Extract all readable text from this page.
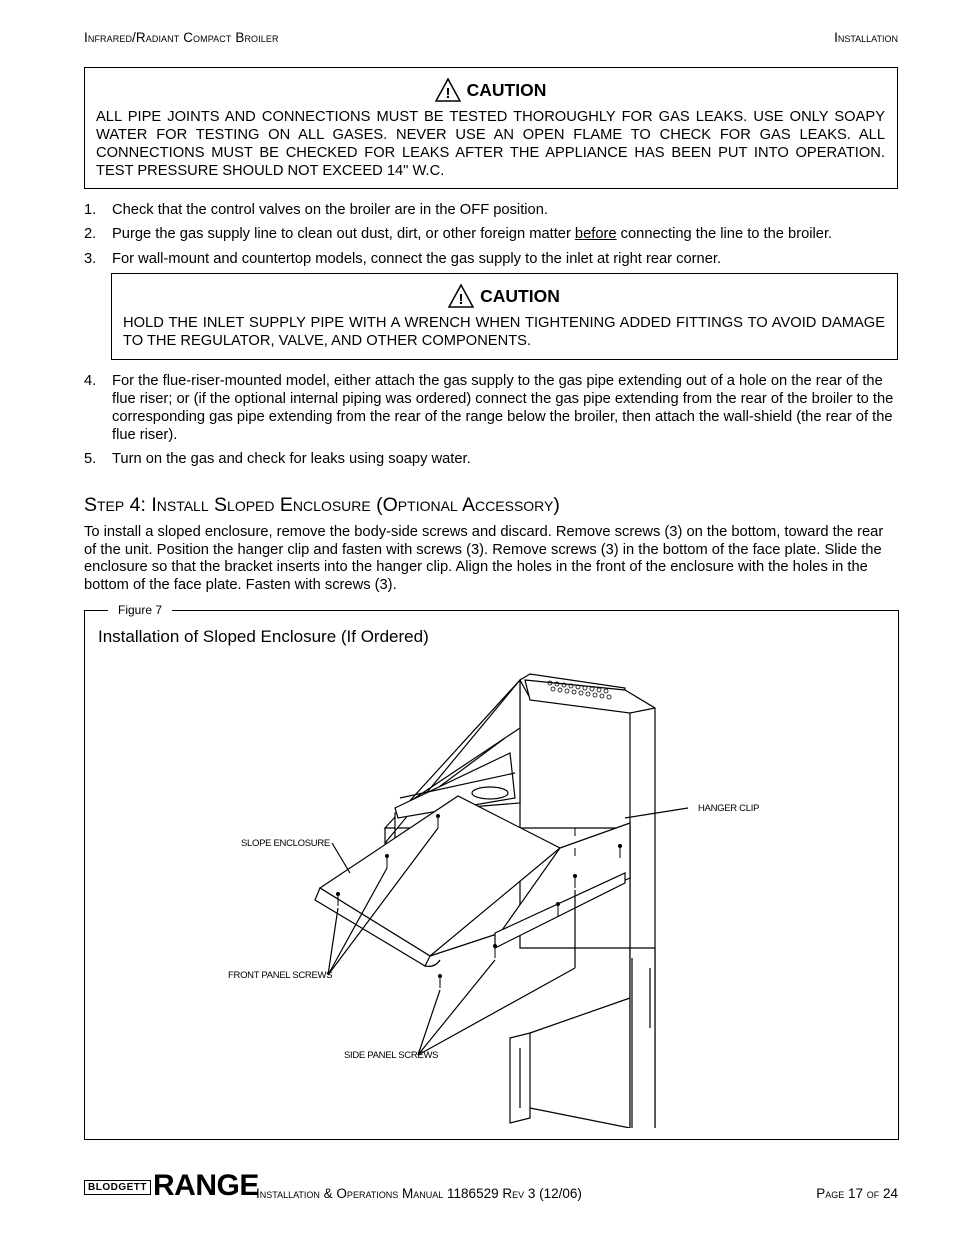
Infrared/Radiant Compact Broiler	Installation
! CAUTION
ALL PIPE JOINTS AND CONNECTIONS MUST BE TESTED THOROUGHLY FOR GAS LEAKS. USE ONLY SOAPY WATER FOR TESTING ON ALL GASES. NEVER USE AN OPEN FLAME TO CHECK FOR GAS LEAKS. ALL CONNECTIONS MUST BE CHECKED FOR LEAKS AFTER THE APPLIANCE HAS BEEN PUT INTO OPERATION. TEST PRESSURE SHOULD NOT EXCEED 14" W.C.
1.	Check that the control valves on the broiler are in the OFF position.
2.	Purge the gas supply line to clean out dust, dirt, or other foreign matter before connecting the line to the broiler.
3.	For wall-mount and countertop models, connect the gas supply to the inlet at right rear corner.
! CAUTION
HOLD THE INLET SUPPLY PIPE WITH A WRENCH WHEN TIGHTENING ADDED FITTINGS TO AVOID DAMAGE TO THE REGULATOR, VALVE, AND OTHER COMPONENTS.
4.	For the flue-riser-mounted model, either attach the gas supply to the gas pipe extending out of a hole on the rear of the flue riser; or (if the optional internal piping was ordered) connect the gas pipe extending from the rear of the broiler to the corresponding gas pipe extending from the rear of the range below the broiler, then attach the wall-shield (the rear of the flue riser).
5.	Turn on the gas and check for leaks using soapy water.
Step 4: Install Sloped Enclosure (Optional Accessory)
To install a sloped enclosure, remove the body-side screws and discard. Remove screws (3) on the bottom, toward the rear of the unit. Position the hanger clip and fasten with screws (3). Remove screws (3) in the bottom of the face plate. Slide the enclosure so that the bracket inserts into the hanger clip. Align the holes in the front of the enclosure with the holes in the bottom of the face plate. Fasten with screws (3).
Figure 7
Installation of Sloped Enclosure (If Ordered)
HANGER CLIP
SLOPE ENCLOSURE
FRONT PANEL SCREWS
SIDE PANEL SCREWS
BLODGETT RANGE
Installation & Operations Manual 1186529 Rev 3 (12/06)	Page 17 of 24
